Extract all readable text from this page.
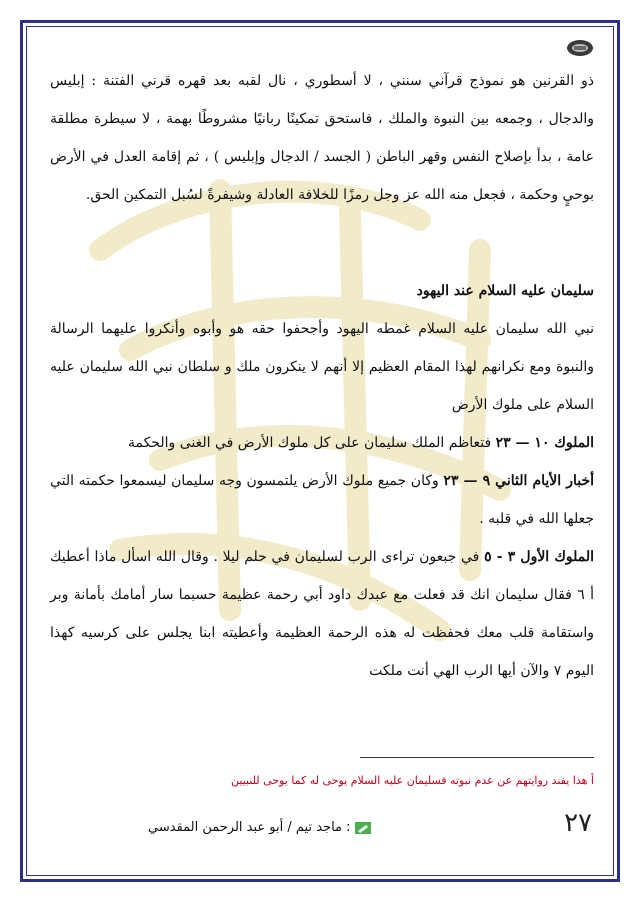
ذو القرنين هو نموذج قرآني سنني ، لا أسطوري ، نال لقبه بعد قهره قرني الفتنة : إبليس والدجال ، وجمعه بين النبوة والملك ، فاستحق تمكينًا ربانيًا مشروطًا بهمة ، لا سيطرة مطلقة عامة ، بدأ بإصلاح النفس وقهر الباطن ( الجسد / الدجال وإبليس ) ، ثم إقامة العدل في الأرض بوحيٍ وحكمة ، فجعل منه الله عز وجل رمزًا للخلافة العادلة وشيفرةً لسُبل التمكين الحق.

سليمان عليه السلام عند اليهود

نبي الله سليمان عليه السلام غمطه اليهود وأجحفوا حقه هو وأبوه وأنكروا عليهما الرسالة والنبوة ومع نكرانهم لهذا المقام العظيم إلا أنهم لا ينكرون ملك و سلطان نبي الله سليمان عليه السلام على ملوك الأرض

الملوك ١٠ — ٢٣ فتعاظم الملك سليمان على كل ملوك الأرض في الغنى والحكمة

أخبار الأيام الثاني ٩ — ٢٣ وكان جميع ملوك الأرض يلتمسون وجه سليمان ليسمعوا حكمته التي جعلها الله في قلبه .

الملوك الأول ٣ - ٥ في جبعون تراءى الرب لسليمان في حلم ليلا . وقال الله اسأل ماذا أعطيك أ ٦ فقال سليمان انك قد فعلت مع عبدك داود أبي رحمة عظيمة حسبما سار أمامك بأمانة وبر واستقامة قلب معك فحفظت له هذه الرحمة العظيمة وأعطيته ابنا يجلس على كرسيه كهذا اليوم ٧ والآن أيها الرب الهي أنت ملكت

أ هذا يفند روايتهم عن عدم نبوته فسليمان عليه السلام يوحى له كما يوحى للنبيين
٢٧
: ماجد تيم / أبو عبد الرحمن المقدسي
